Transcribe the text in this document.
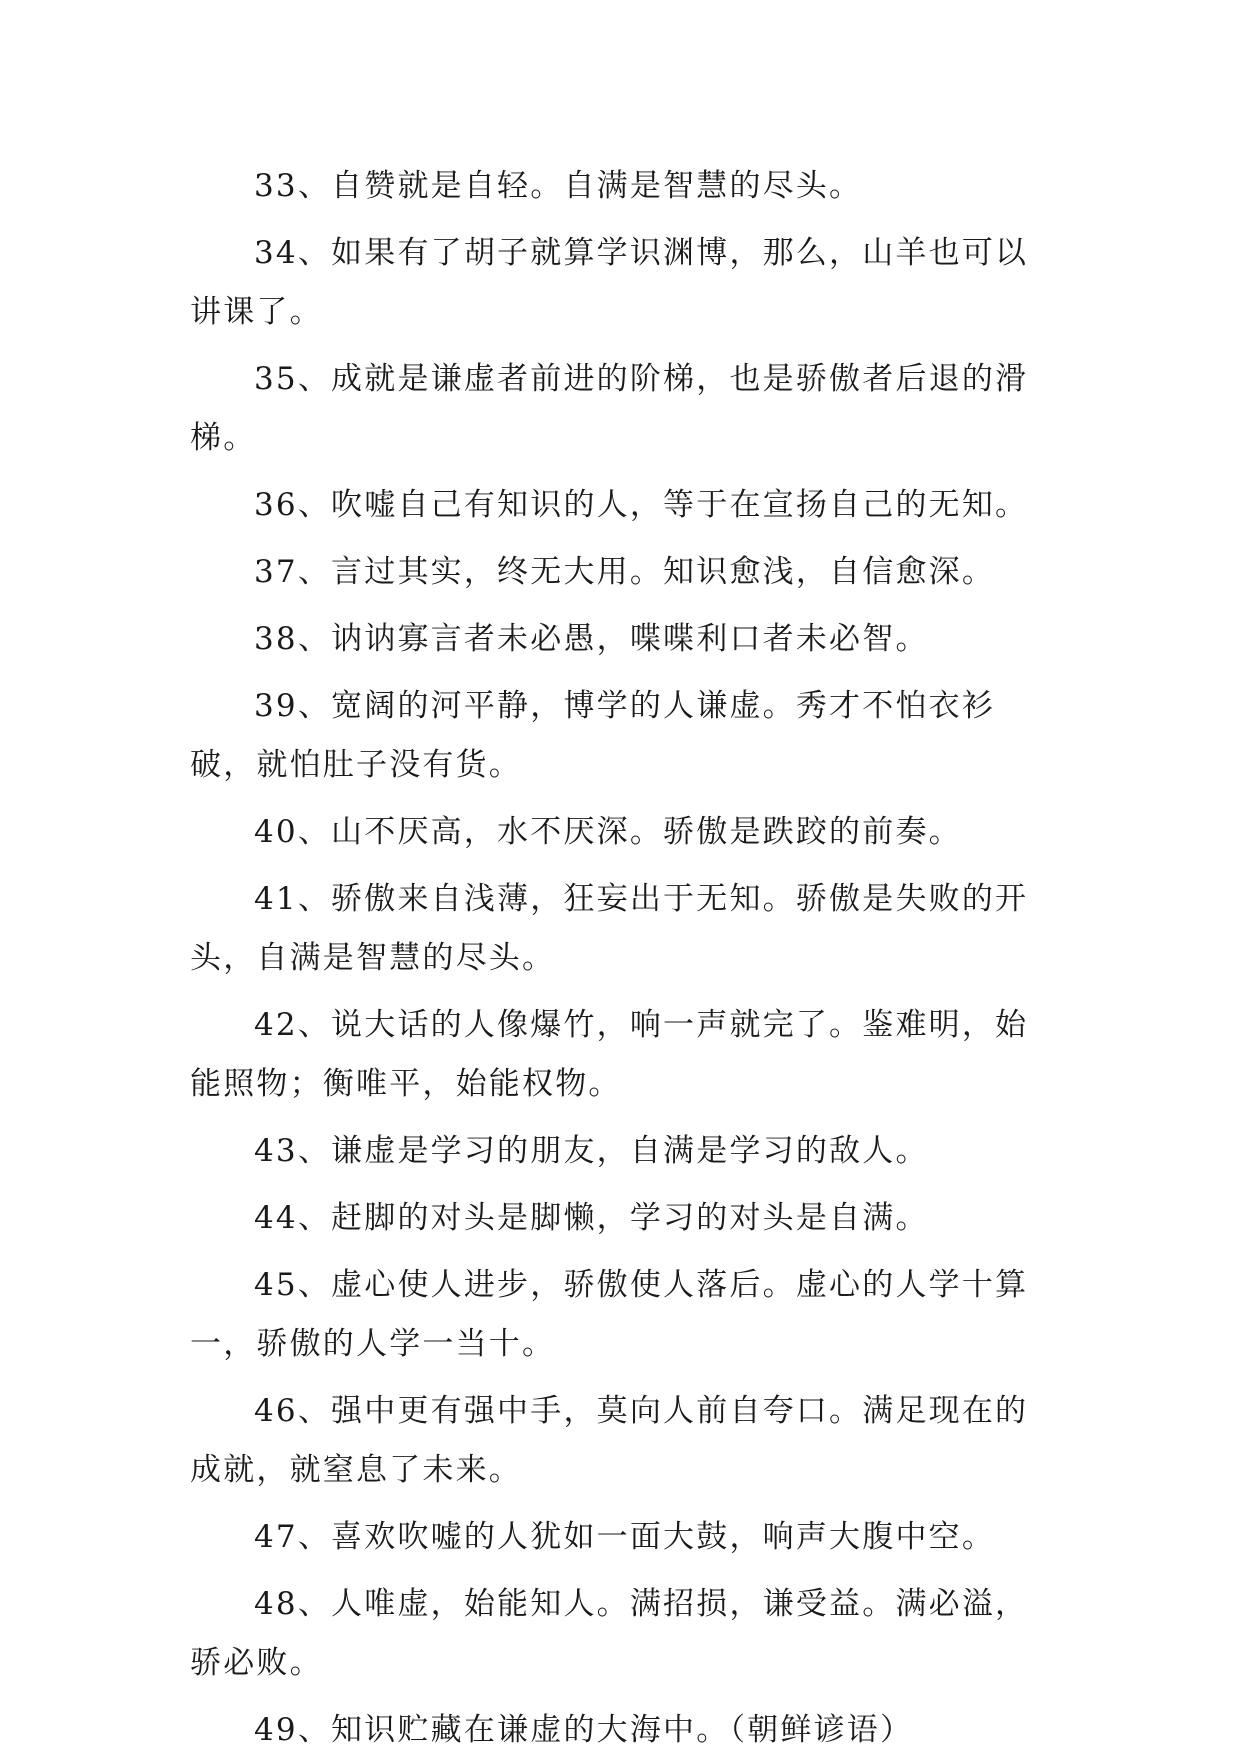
33、自赞就是自轻。自满是智慧的尽头。

34、如果有了胡子就算学识渊博，那么，山羊也可以讲课了。

35、成就是谦虚者前进的阶梯，也是骄傲者后退的滑梯。

36、吹嘘自己有知识的人，等于在宣扬自己的无知。

37、言过其实，终无大用。知识愈浅，自信愈深。

38、讷讷寡言者未必愚，喋喋利口者未必智。

39、宽阔的河平静，博学的人谦虚。秀才不怕衣衫破，就怕肚子没有货。

40、山不厌高，水不厌深。骄傲是跌跤的前奏。

41、骄傲来自浅薄，狂妄出于无知。骄傲是失败的开头，自满是智慧的尽头。

42、说大话的人像爆竹，响一声就完了。鉴难明，始能照物；衡唯平，始能权物。

43、谦虚是学习的朋友，自满是学习的敌人。

44、赶脚的对头是脚懒，学习的对头是自满。

45、虚心使人进步，骄傲使人落后。虚心的人学十算一，骄傲的人学一当十。

46、强中更有强中手，莫向人前自夸口。满足现在的成就，就窒息了未来。

47、喜欢吹嘘的人犹如一面大鼓，响声大腹中空。

48、人唯虚，始能知人。满招损，谦受益。满必溢，骄必败。

49、知识贮藏在谦虚的大海中。（朝鲜谚语）
